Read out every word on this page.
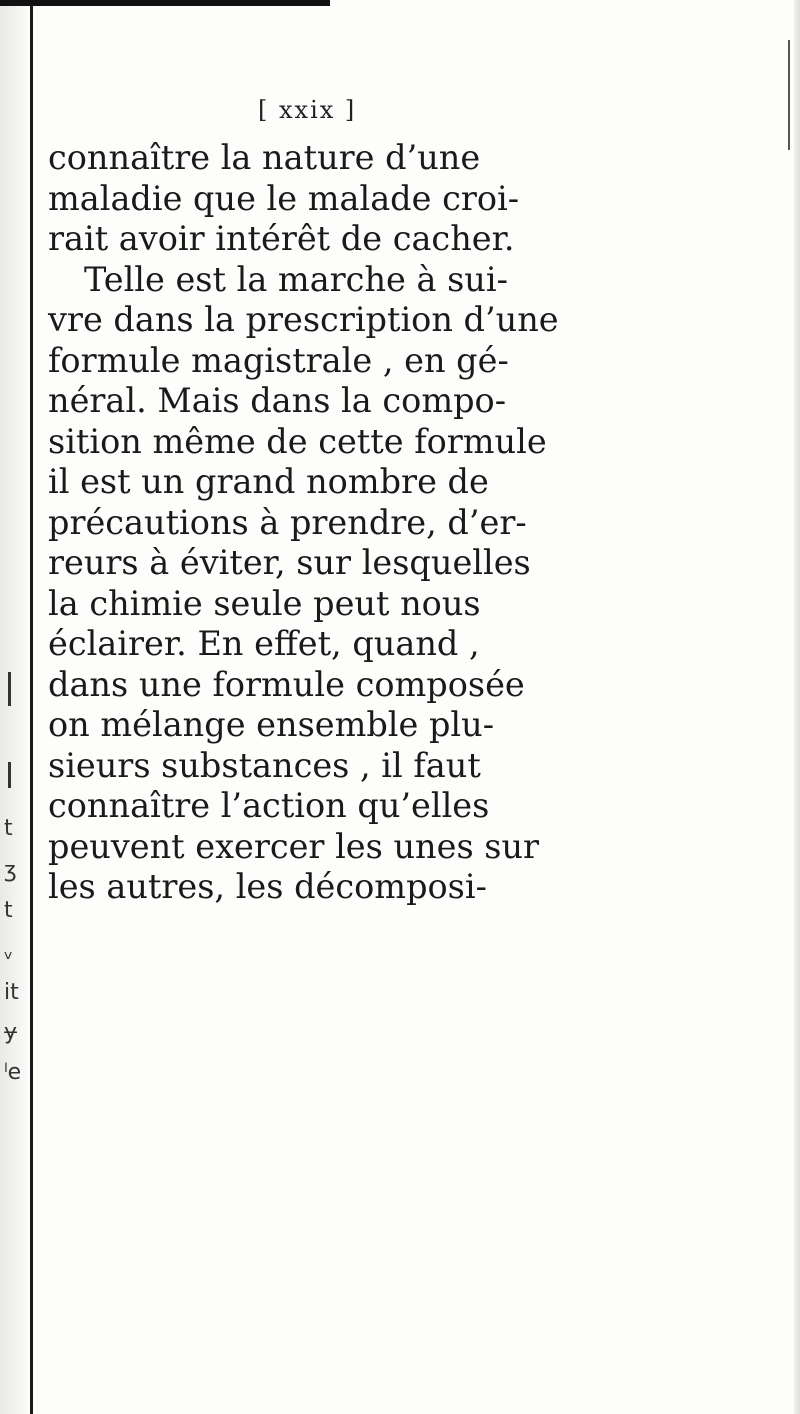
t
ʒ
t
ᵥ
it
ɏ
ˡe
[ xxix ]

connaître la nature d’une

maladie que le malade croi-

rait avoir intérêt de cacher.

Telle est la marche à sui-

vre dans la prescription d’une

formule magistrale , en gé-

néral. Mais dans la compo-

sition même de cette formule

il est un grand nombre de

précautions à prendre, d’er-

reurs à éviter, sur lesquelles

la chimie seule peut nous

éclairer. En effet, quand ,

dans une formule composée

on mélange ensemble plu-

sieurs substances , il faut

connaître l’action qu’elles

peuvent exercer les unes sur

les autres, les décomposi-
